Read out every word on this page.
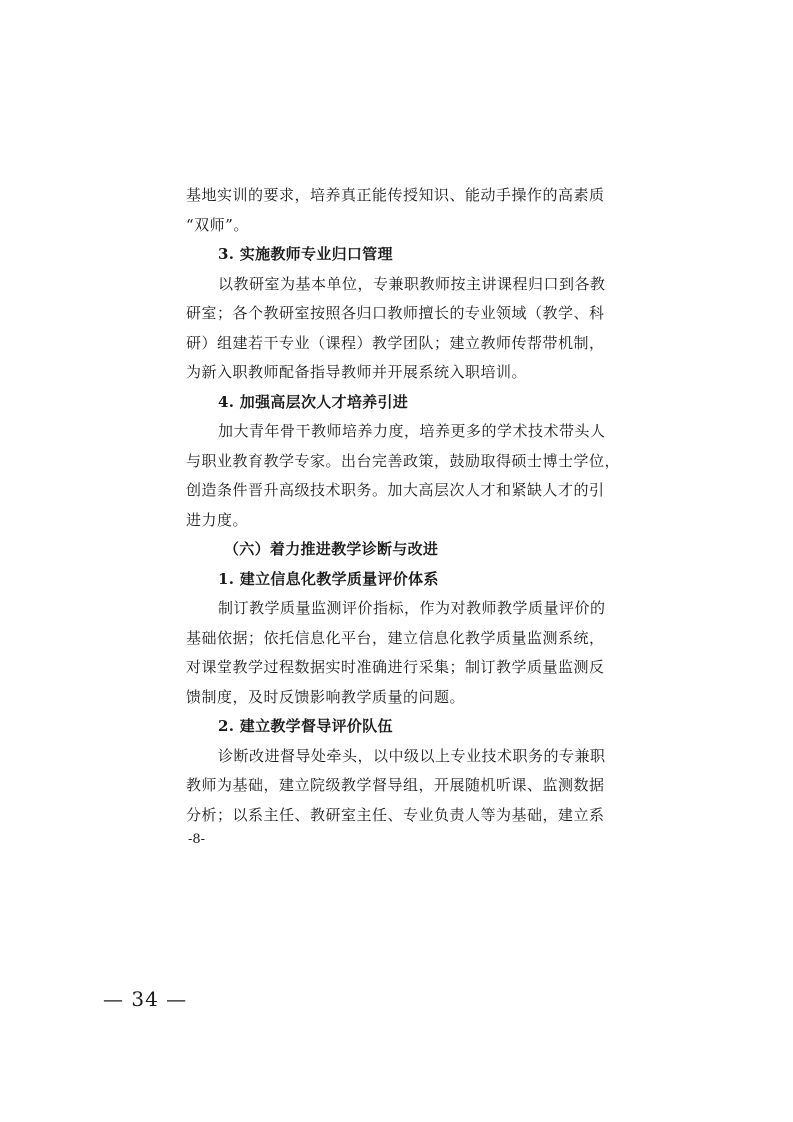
基地实训的要求，培养真正能传授知识、能动手操作的高素质
“双师”。
3. 实施教师专业归口管理
以教研室为基本单位，专兼职教师按主讲课程归口到各教
研室；各个教研室按照各归口教师擅长的专业领域（教学、科
研）组建若干专业（课程）教学团队；建立教师传帮带机制，
为新入职教师配备指导教师并开展系统入职培训。
4. 加强高层次人才培养引进
加大青年骨干教师培养力度，培养更多的学术技术带头人
与职业教育教学专家。出台完善政策，鼓励取得硕士博士学位，
创造条件晋升高级技术职务。加大高层次人才和紧缺人才的引
进力度。
（六）着力推进教学诊断与改进
1. 建立信息化教学质量评价体系
制订教学质量监测评价指标，作为对教师教学质量评价的
基础依据；依托信息化平台，建立信息化教学质量监测系统，
对课堂教学过程数据实时准确进行采集；制订教学质量监测反
馈制度，及时反馈影响教学质量的问题。
2. 建立教学督导评价队伍
诊断改进督导处牵头，以中级以上专业技术职务的专兼职
教师为基础，建立院级教学督导组，开展随机听课、监测数据
分析；以系主任、教研室主任、专业负责人等为基础，建立系
-8-
— 34 —
